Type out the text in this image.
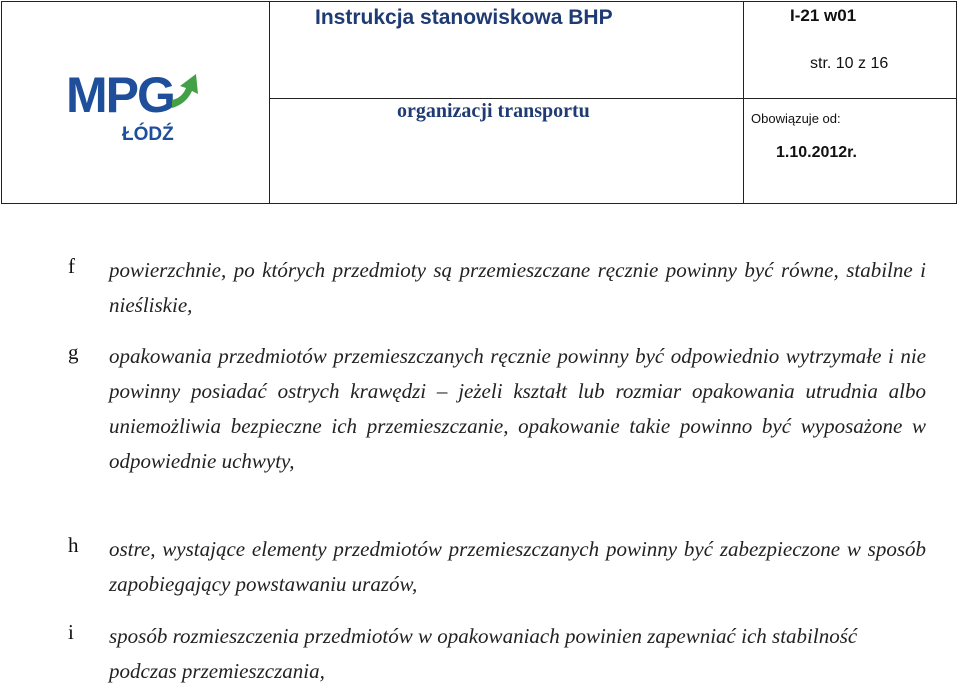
MPG
ŁÓDŹ
Instrukcja stanowiskowa BHP	I-21 w01
str. 10 z 16
organizacji transportu	Obowiązuje od:
1.10.2012r.
f powierzchnie, po których przedmioty są przemieszczane ręcznie powinny być równe, stabilne i nieśliskie,
g opakowania przedmiotów przemieszczanych ręcznie powinny być odpowiednio wytrzymałe i nie powinny posiadać ostrych krawędzi – jeżeli kształt lub rozmiar opakowania utrudnia albo uniemożliwia bezpieczne ich przemieszczanie, opakowanie takie powinno być wyposażone w odpowiednie uchwyty,
h ostre, wystające elementy przedmiotów przemieszczanych powinny być zabezpieczone w sposób zapobiegający powstawaniu urazów,
i sposób rozmieszczenia przedmiotów w opakowaniach powinien zapewniać ich stabilność podczas przemieszczania,
